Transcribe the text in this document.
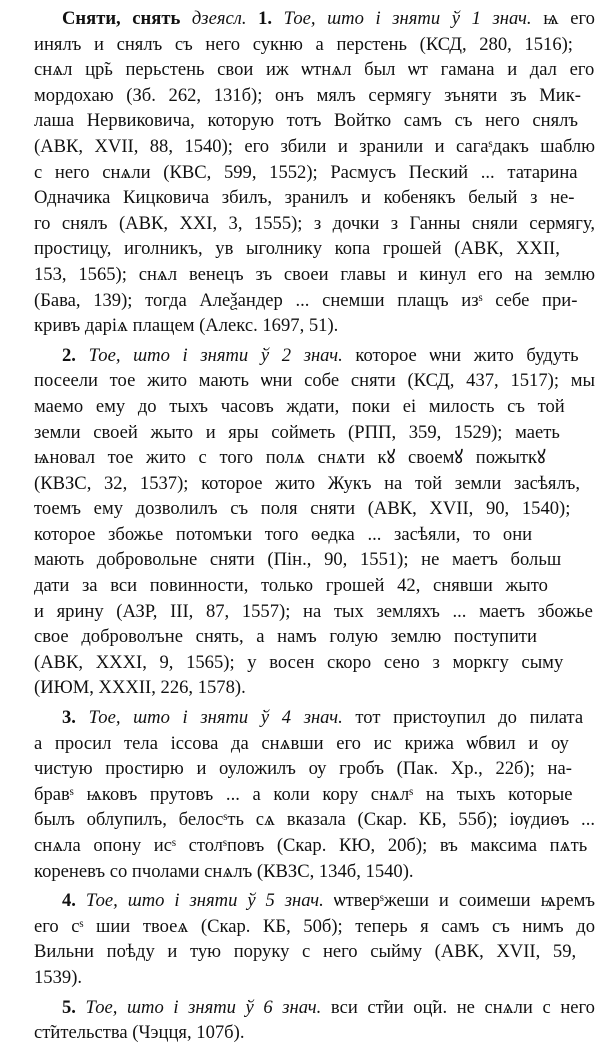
Сняти, снять дзеясл. 1. Тое, што і зняти ў 1 знач. ѩ его
инялъ и снялъ съ него сукню а перстень (КСД, 280, 1516);
снѧл цр̃ь перьстень свои иж ѡтнѧл был ѡт гамана и дал его
мордохаю (Зб. 262, 131б); онъ мялъ сермягу зъняти зъ Мик-
лаша Нервиковича, которую тотъ Войтко самъ съ него снялъ
(АВК, XVII, 88, 1540); его збили и зранили и сагаˢдакъ шаблю
с него снѧли (КВС, 599, 1552); Расмусъ Пеский ... татарина
Одначика Кицковича збилъ, зранилъ и кобенякъ белый з не-
го снялъ (АВК, XXI, 3, 1555); з дочки з Ганны сняли сермягу,
простицу, иголникъ, ув ыголнику копа грошей (АВК, XXII,
153, 1565); снѧл венецъ зъ своеи главы и кинул его на землю
(Бава, 139); тогда Алеѯандер ... снемши плащъ изˢ себе при-
кривъ даріѧ плащем (Алекс. 1697, 51).
2. Тое, што і зняти ў 2 знач. которое ѡни жито будуть
посеели тое жито мають ѡни собе сняти (КСД, 437, 1517); мы
маемо ему до тыхъ часовъ ждати, поки ei милость съ той
земли своей жыто и яры сойметь (РПП, 359, 1529); маеть
ѩновал тое жито с того полѧ снѧти кꙋ своемꙋ пожыткꙋ
(КВЗС, 32, 1537); которое жито Жукъ на той земли засѣялъ,
тоемъ ему дозволилъ съ поля сняти (АВК, XVII, 90, 1540);
которое збожье потомъки того ѳедка ... засѣяли, то они
мають добровольне сняти (Пін., 90, 1551); не маетъ больш
дати за вси повинности, только грошей 42, снявши жыто
и ярину (АЗР, III, 87, 1557); на тых земляхъ ... маетъ збожье
свое доброволъне снять, а намъ голую землю поступити
(АВК, XXXI, 9, 1565); у восен скоро сено з моркгу сыму
(ИЮМ, XXXII, 226, 1578).
3. Тое, што і зняти ў 4 знач. тот пристоупил до пилата
а просил тела ісcова да снѧвши его ис крижа ѡбвил и оу
чистую простирю и оуложилъ оу гробъ (Пак. Хр., 22б); на-
бравˢ ѩковъ прутовъ ... а коли кору снѧлˢ на тыхъ которые
былъ облупилъ, белосˢть сѧ вказала (Скар. КБ, 55б); іѹдиѳъ ...
снѧла опону исˢ столˢповъ (Скар. КЮ, 20б); въ максима пѧть
кореневъ со пчолами снѧлъ (КВЗС, 134б, 1540).
4. Тое, што і зняти ў 5 знач. ѡтверˢжеши и соимеши ѩремъ
его сˢ шии твоеѧ (Скар. КБ, 50б); теперь я самъ съ нимъ до
Вильни поѣду и тую поруку с него сыйму (АВК, XVII, 59,
1539).
5. Тое, што і зняти ў 6 знач. вси ст̃ии оц̃и. не снѧли с него
ст̃ительства (Чэцця, 107б).
